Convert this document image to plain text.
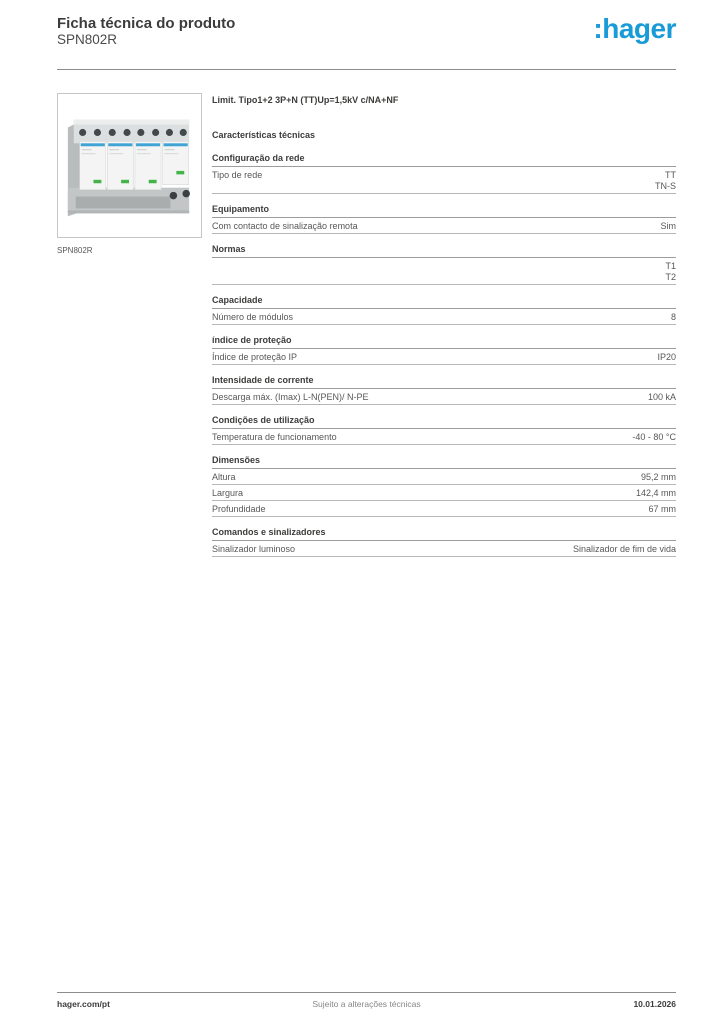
Ficha técnica do produto
SPN802R	:hager
SPN802R
Limit. Tipo1+2 3P+N (TT)Up=1,5kV c/NA+NF
Características técnicas
Configuração da rede
Tipo de rede	TT
TN-S
Equipamento
Com contacto de sinalização remota	Sim
Normas
T1
T2
Capacidade
Número de módulos	8
índice de proteção
Índice de proteção IP	IP20
Intensidade de corrente
Descarga máx. (Imax) L-N(PEN)/ N-PE	100 kA
Condições de utilização
Temperatura de funcionamento	-40 - 80 °C
Dimensões
Altura	95,2 mm
Largura	142,4 mm
Profundidade	67 mm
Comandos e sinalizadores
Sinalizador luminoso	Sinalizador de fim de vida
hager.com/pt	Sujeito a alterações técnicas	10.01.2026
